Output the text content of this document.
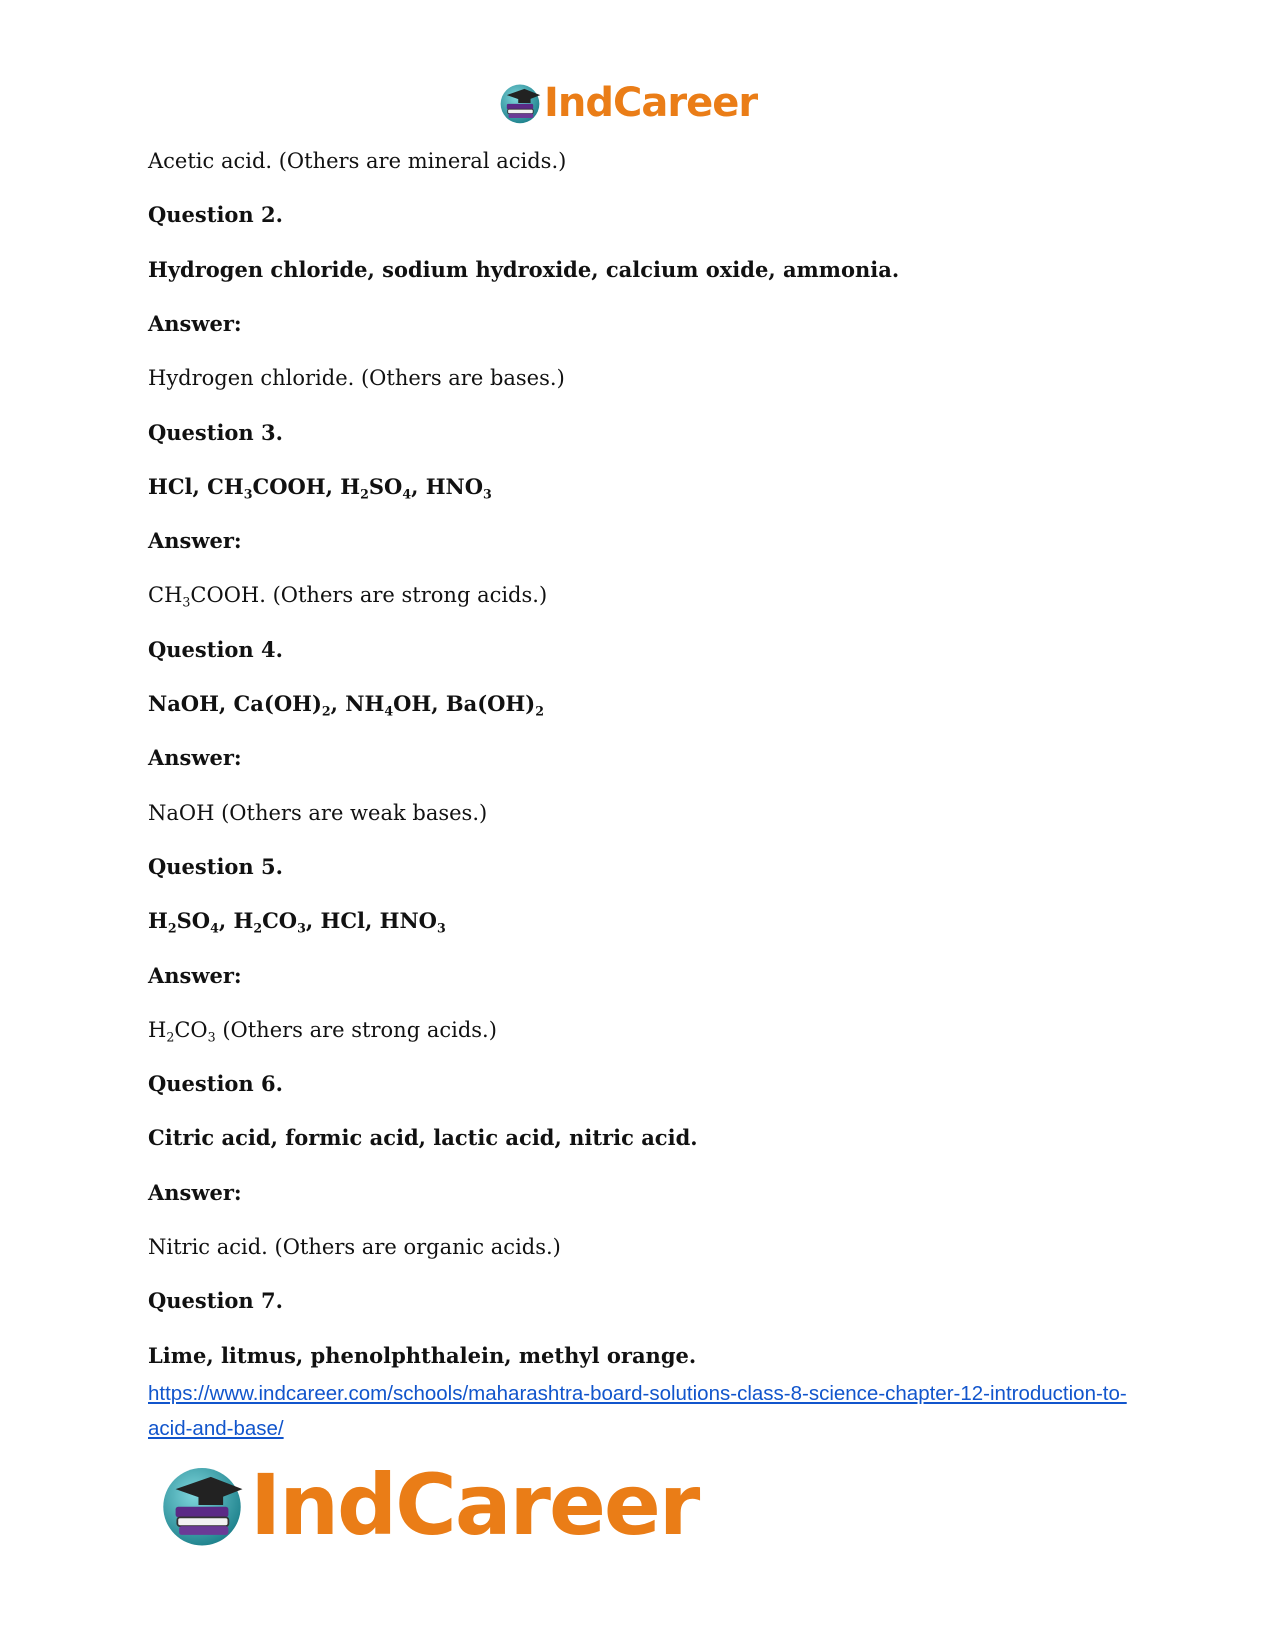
IndCareer
Acetic acid. (Others are mineral acids.)
Question 2.
Hydrogen chloride, sodium hydroxide, calcium oxide, ammonia.
Answer:
Hydrogen chloride. (Others are bases.)
Question 3.
HCl, $CH_3COOH$, $H_2SO_4$, $HNO_3$
Answer:
$CH_3COOH$. (Others are strong acids.)
Question 4.
NaOH, $Ca(OH)_2$, $NH_4OH$, $Ba(OH)_2$
Answer:
NaOH (Others are weak bases.)
Question 5.
$H_2SO_4$, $H_2CO_3$, HCl, $HNO_3$
Answer:
$H_2CO_3$ (Others are strong acids.)
Question 6.
Citric acid, formic acid, lactic acid, nitric acid.
Answer:
Nitric acid. (Others are organic acids.)
Question 7.
Lime, litmus, phenolphthalein, methyl orange.
https://www.indcareer.com/schools/maharashtra-board-solutions-class-8-science-chapter-12-introduction-to-acid-and-base/
IndCareer
